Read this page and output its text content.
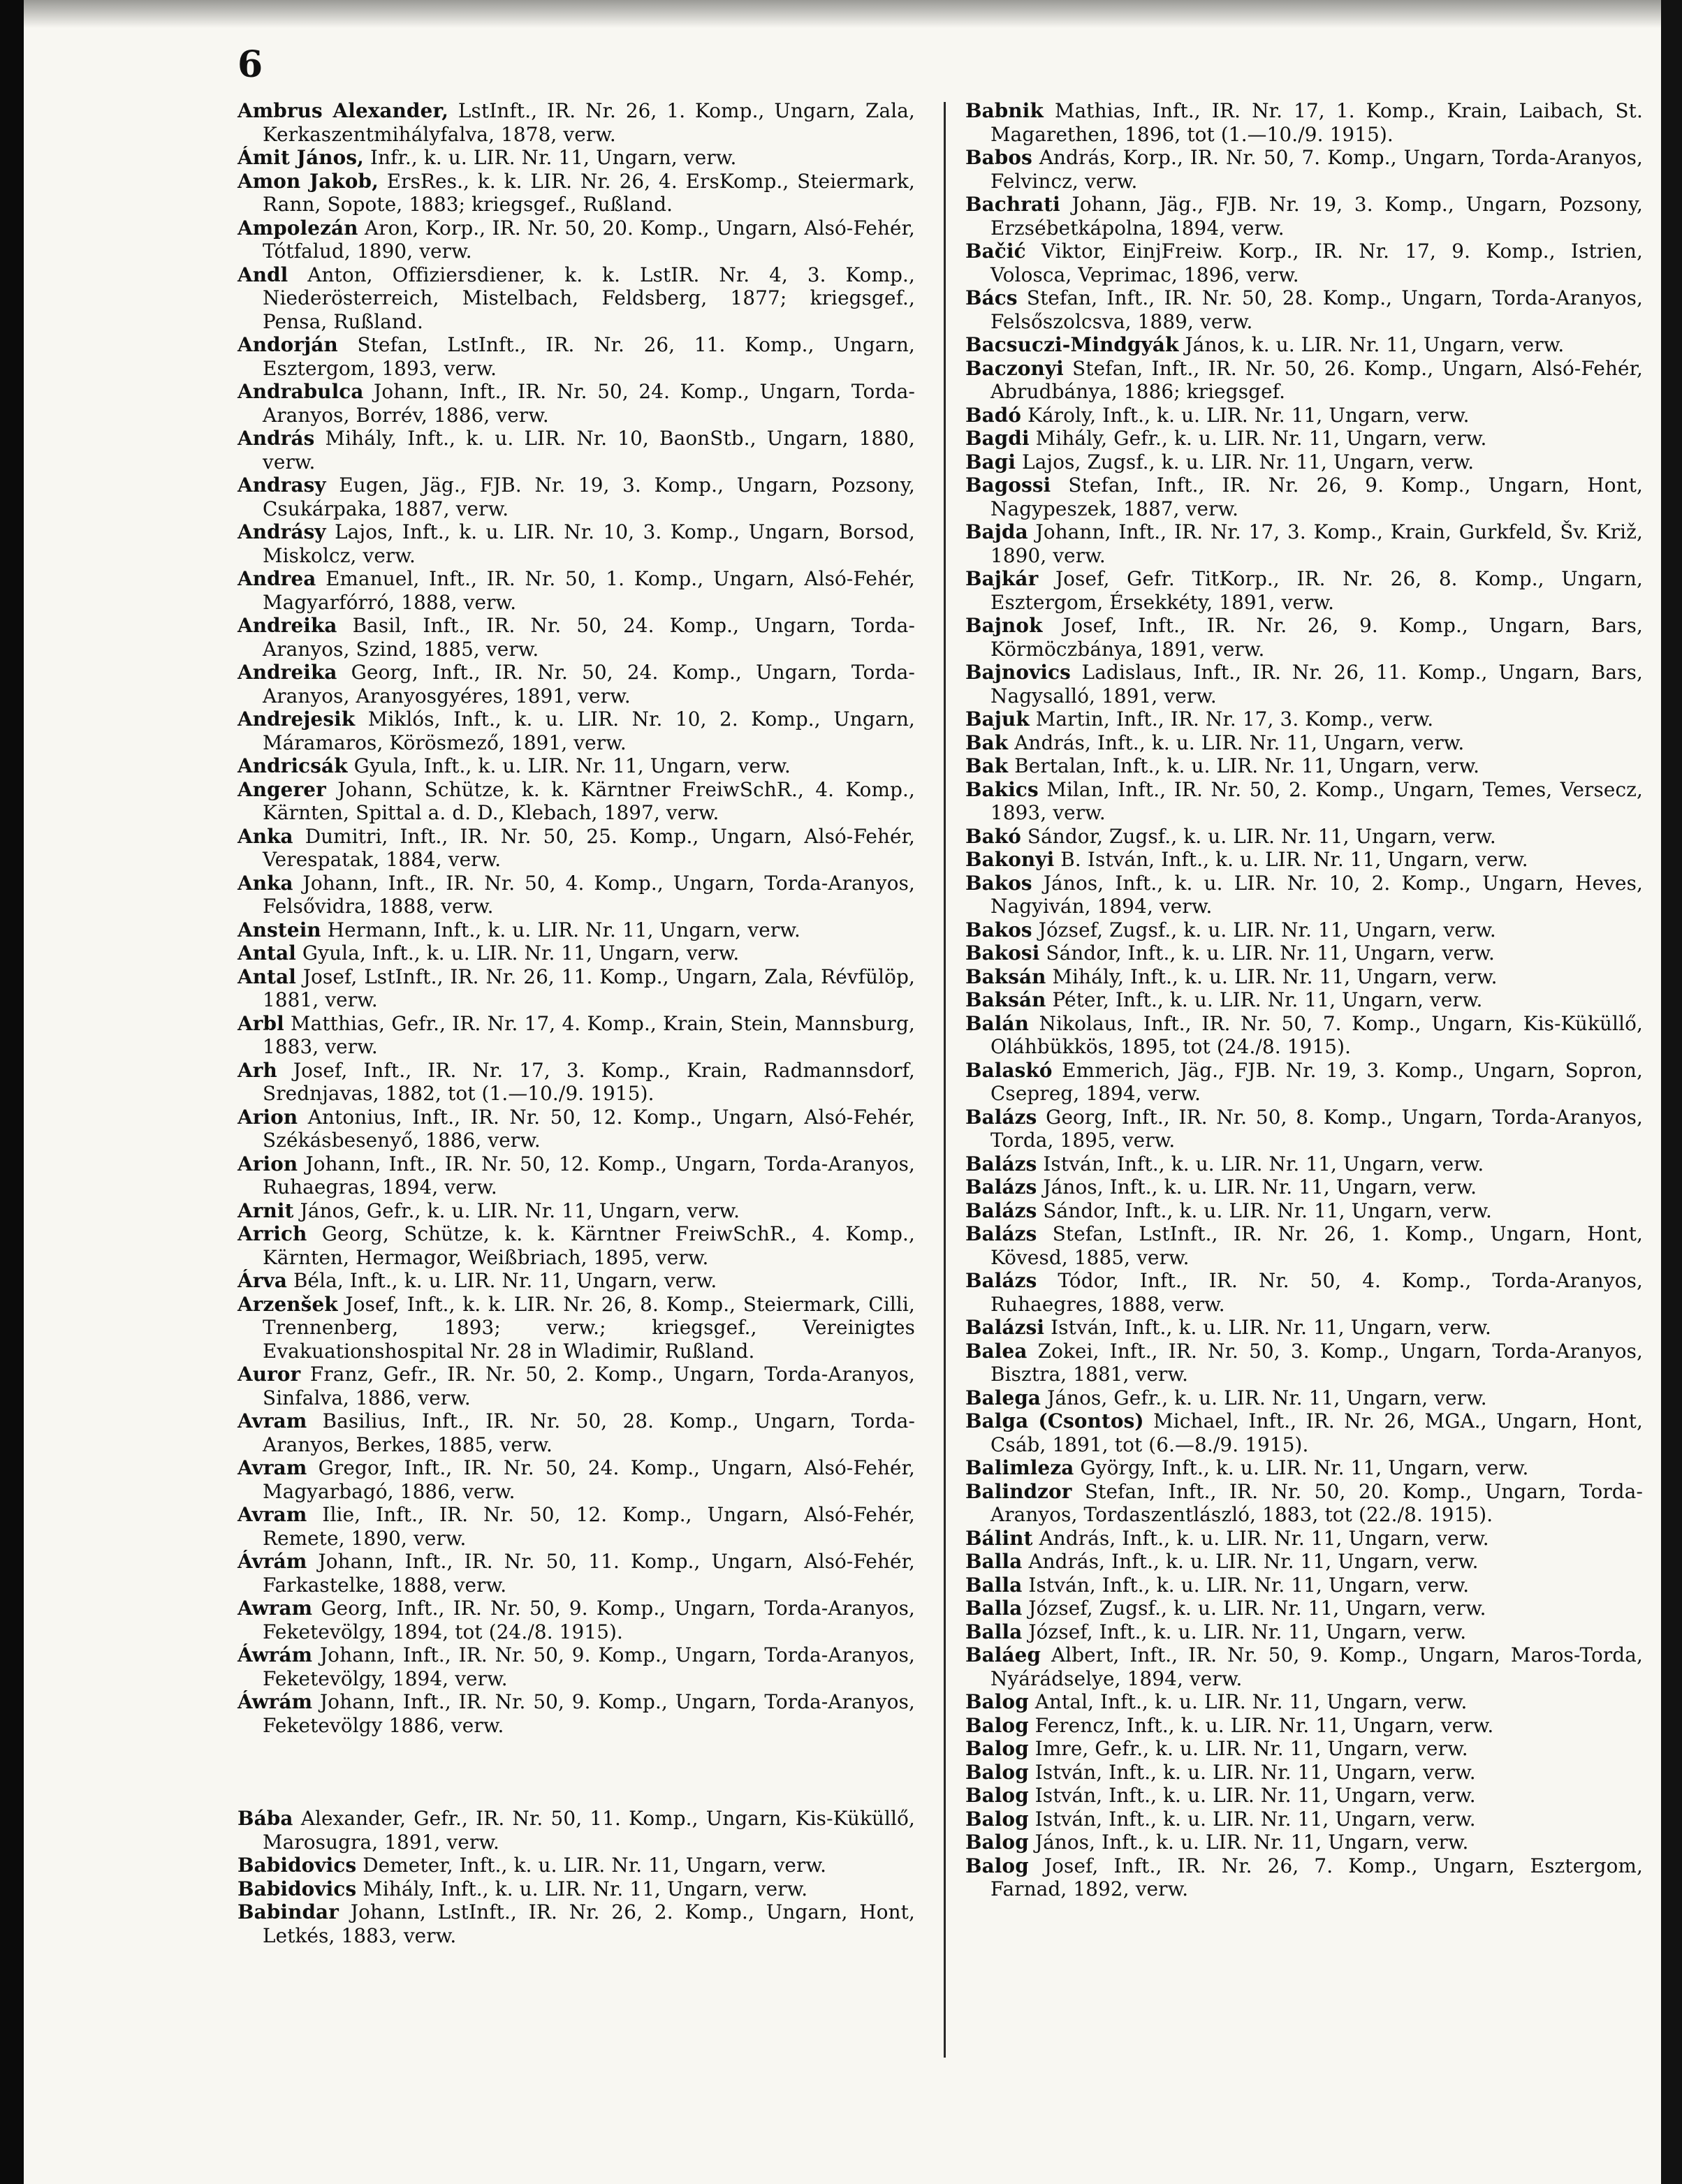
6

Ambrus Alexander, LstInft., IR. Nr. 26, 1. Komp., Ungarn, Zala, Kerkaszentmihályfalva, 1878, verw.

Ámit János, Infr., k. u. LIR. Nr. 11, Ungarn, verw.

Amon Jakob, ErsRes., k. k. LIR. Nr. 26, 4. ErsKomp., Steiermark, Rann, Sopote, 1883; kriegsgef., Rußland.

Ampolezán Aron, Korp., IR. Nr. 50, 20. Komp., Ungarn, Alsó-Fehér, Tótfalud, 1890, verw.

Andl Anton, Offiziersdiener, k. k. LstIR. Nr. 4, 3. Komp., Niederösterreich, Mistelbach, Feldsberg, 1877; kriegsgef., Pensa, Rußland.

Andorján Stefan, LstInft., IR. Nr. 26, 11. Komp., Ungarn, Esztergom, 1893, verw.

Andrabulca Johann, Inft., IR. Nr. 50, 24. Komp., Ungarn, Torda-Aranyos, Borrév, 1886, verw.

András Mihály, Inft., k. u. LIR. Nr. 10, BaonStb., Ungarn, 1880, verw.

Andrasy Eugen, Jäg., FJB. Nr. 19, 3. Komp., Ungarn, Pozsony, Csukárpaka, 1887, verw.

Andrásy Lajos, Inft., k. u. LIR. Nr. 10, 3. Komp., Ungarn, Borsod, Miskolcz, verw.

Andrea Emanuel, Inft., IR. Nr. 50, 1. Komp., Ungarn, Alsó-Fehér, Magyarfórró, 1888, verw.

Andreika Basil, Inft., IR. Nr. 50, 24. Komp., Ungarn, Torda-Aranyos, Szind, 1885, verw.

Andreika Georg, Inft., IR. Nr. 50, 24. Komp., Ungarn, Torda-Aranyos, Aranyosgyéres, 1891, verw.

Andrejesik Miklós, Inft., k. u. LIR. Nr. 10, 2. Komp., Ungarn, Máramaros, Körösmező, 1891, verw.

Andricsák Gyula, Inft., k. u. LIR. Nr. 11, Ungarn, verw.

Angerer Johann, Schütze, k. k. Kärntner FreiwSchR., 4. Komp., Kärnten, Spittal a. d. D., Klebach, 1897, verw.

Anka Dumitri, Inft., IR. Nr. 50, 25. Komp., Ungarn, Alsó-Fehér, Verespatak, 1884, verw.

Anka Johann, Inft., IR. Nr. 50, 4. Komp., Ungarn, Torda-Aranyos, Felsővidra, 1888, verw.

Anstein Hermann, Inft., k. u. LIR. Nr. 11, Ungarn, verw.

Antal Gyula, Inft., k. u. LIR. Nr. 11, Ungarn, verw.

Antal Josef, LstInft., IR. Nr. 26, 11. Komp., Ungarn, Zala, Révfülöp, 1881, verw.

Arbl Matthias, Gefr., IR. Nr. 17, 4. Komp., Krain, Stein, Mannsburg, 1883, verw.

Arh Josef, Inft., IR. Nr. 17, 3. Komp., Krain, Radmannsdorf, Srednjavas, 1882, tot (1.—10./9. 1915).

Arion Antonius, Inft., IR. Nr. 50, 12. Komp., Ungarn, Alsó-Fehér, Székásbesenyő, 1886, verw.

Arion Johann, Inft., IR. Nr. 50, 12. Komp., Ungarn, Torda-Aranyos, Ruhaegras, 1894, verw.

Arnit János, Gefr., k. u. LIR. Nr. 11, Ungarn, verw.

Arrich Georg, Schütze, k. k. Kärntner FreiwSchR., 4. Komp., Kärnten, Hermagor, Weißbriach, 1895, verw.

Árva Béla, Inft., k. u. LIR. Nr. 11, Ungarn, verw.

Arzenšek Josef, Inft., k. k. LIR. Nr. 26, 8. Komp., Steiermark, Cilli, Trennenberg, 1893; verw.; kriegsgef., Vereinigtes Evakuationshospital Nr. 28 in Wladimir, Rußland.

Auror Franz, Gefr., IR. Nr. 50, 2. Komp., Ungarn, Torda-Aranyos, Sinfalva, 1886, verw.

Avram Basilius, Inft., IR. Nr. 50, 28. Komp., Ungarn, Torda-Aranyos, Berkes, 1885, verw.

Avram Gregor, Inft., IR. Nr. 50, 24. Komp., Ungarn, Alsó-Fehér, Magyarbagó, 1886, verw.

Avram Ilie, Inft., IR. Nr. 50, 12. Komp., Ungarn, Alsó-Fehér, Remete, 1890, verw.

Ávrám Johann, Inft., IR. Nr. 50, 11. Komp., Ungarn, Alsó-Fehér, Farkastelke, 1888, verw.

Awram Georg, Inft., IR. Nr. 50, 9. Komp., Ungarn, Torda-Aranyos, Feketevölgy, 1894, tot (24./8. 1915).

Áwrám Johann, Inft., IR. Nr. 50, 9. Komp., Ungarn, Torda-Aranyos, Feketevölgy, 1894, verw.

Áwrám Johann, Inft., IR. Nr. 50, 9. Komp., Ungarn, Torda-Aranyos, Feketevölgy 1886, verw.

Bába Alexander, Gefr., IR. Nr. 50, 11. Komp., Ungarn, Kis-Küküllő, Marosugra, 1891, verw.

Babidovics Demeter, Inft., k. u. LIR. Nr. 11, Ungarn, verw.

Babidovics Mihály, Inft., k. u. LIR. Nr. 11, Ungarn, verw.

Babindar Johann, LstInft., IR. Nr. 26, 2. Komp., Ungarn, Hont, Letkés, 1883, verw.

Babnik Mathias, Inft., IR. Nr. 17, 1. Komp., Krain, Laibach, St. Magarethen, 1896, tot (1.—10./9. 1915).

Babos András, Korp., IR. Nr. 50, 7. Komp., Ungarn, Torda-Aranyos, Felvincz, verw.

Bachrati Johann, Jäg., FJB. Nr. 19, 3. Komp., Ungarn, Pozsony, Erzsébetkápolna, 1894, verw.

Bačić Viktor, EinjFreiw. Korp., IR. Nr. 17, 9. Komp., Istrien, Volosca, Veprimac, 1896, verw.

Bács Stefan, Inft., IR. Nr. 50, 28. Komp., Ungarn, Torda-Aranyos, Felsőszolcsva, 1889, verw.

Bacsuczi-Mindgyák János, k. u. LIR. Nr. 11, Ungarn, verw.

Baczonyi Stefan, Inft., IR. Nr. 50, 26. Komp., Ungarn, Alsó-Fehér, Abrudbánya, 1886; kriegsgef.

Badó Károly, Inft., k. u. LIR. Nr. 11, Ungarn, verw.

Bagdi Mihály, Gefr., k. u. LIR. Nr. 11, Ungarn, verw.

Bagi Lajos, Zugsf., k. u. LIR. Nr. 11, Ungarn, verw.

Bagossi Stefan, Inft., IR. Nr. 26, 9. Komp., Ungarn, Hont, Nagypeszek, 1887, verw.

Bajda Johann, Inft., IR. Nr. 17, 3. Komp., Krain, Gurkfeld, Šv. Križ, 1890, verw.

Bajkár Josef, Gefr. TitKorp., IR. Nr. 26, 8. Komp., Ungarn, Esztergom, Érsekkéty, 1891, verw.

Bajnok Josef, Inft., IR. Nr. 26, 9. Komp., Ungarn, Bars, Körmöczbánya, 1891, verw.

Bajnovics Ladislaus, Inft., IR. Nr. 26, 11. Komp., Ungarn, Bars, Nagysalló, 1891, verw.

Bajuk Martin, Inft., IR. Nr. 17, 3. Komp., verw.

Bak András, Inft., k. u. LIR. Nr. 11, Ungarn, verw.

Bak Bertalan, Inft., k. u. LIR. Nr. 11, Ungarn, verw.

Bakics Milan, Inft., IR. Nr. 50, 2. Komp., Ungarn, Temes, Versecz, 1893, verw.

Bakó Sándor, Zugsf., k. u. LIR. Nr. 11, Ungarn, verw.

Bakonyi B. István, Inft., k. u. LIR. Nr. 11, Ungarn, verw.

Bakos János, Inft., k. u. LIR. Nr. 10, 2. Komp., Ungarn, Heves, Nagyiván, 1894, verw.

Bakos József, Zugsf., k. u. LIR. Nr. 11, Ungarn, verw.

Bakosi Sándor, Inft., k. u. LIR. Nr. 11, Ungarn, verw.

Baksán Mihály, Inft., k. u. LIR. Nr. 11, Ungarn, verw.

Baksán Péter, Inft., k. u. LIR. Nr. 11, Ungarn, verw.

Balán Nikolaus, Inft., IR. Nr. 50, 7. Komp., Ungarn, Kis-Küküllő, Oláhbükkös, 1895, tot (24./8. 1915).

Balaskó Emmerich, Jäg., FJB. Nr. 19, 3. Komp., Ungarn, Sopron, Csepreg, 1894, verw.

Balázs Georg, Inft., IR. Nr. 50, 8. Komp., Ungarn, Torda-Aranyos, Torda, 1895, verw.

Balázs István, Inft., k. u. LIR. Nr. 11, Ungarn, verw.

Balázs János, Inft., k. u. LIR. Nr. 11, Ungarn, verw.

Balázs Sándor, Inft., k. u. LIR. Nr. 11, Ungarn, verw.

Balázs Stefan, LstInft., IR. Nr. 26, 1. Komp., Ungarn, Hont, Kövesd, 1885, verw.

Balázs Tódor, Inft., IR. Nr. 50, 4. Komp., Torda-Aranyos, Ruhaegres, 1888, verw.

Balázsi István, Inft., k. u. LIR. Nr. 11, Ungarn, verw.

Balea Zokei, Inft., IR. Nr. 50, 3. Komp., Ungarn, Torda-Aranyos, Bisztra, 1881, verw.

Balega János, Gefr., k. u. LIR. Nr. 11, Ungarn, verw.

Balga (Csontos) Michael, Inft., IR. Nr. 26, MGA., Ungarn, Hont, Csáb, 1891, tot (6.—8./9. 1915).

Balimleza György, Inft., k. u. LIR. Nr. 11, Ungarn, verw.

Balindzor Stefan, Inft., IR. Nr. 50, 20. Komp., Ungarn, Torda-Aranyos, Tordaszentlászló, 1883, tot (22./8. 1915).

Bálint András, Inft., k. u. LIR. Nr. 11, Ungarn, verw.

Balla András, Inft., k. u. LIR. Nr. 11, Ungarn, verw.

Balla István, Inft., k. u. LIR. Nr. 11, Ungarn, verw.

Balla József, Zugsf., k. u. LIR. Nr. 11, Ungarn, verw.

Balla József, Inft., k. u. LIR. Nr. 11, Ungarn, verw.

Baláeg Albert, Inft., IR. Nr. 50, 9. Komp., Ungarn, Maros-Torda, Nyárádselye, 1894, verw.

Balog Antal, Inft., k. u. LIR. Nr. 11, Ungarn, verw.

Balog Ferencz, Inft., k. u. LIR. Nr. 11, Ungarn, verw.

Balog Imre, Gefr., k. u. LIR. Nr. 11, Ungarn, verw.

Balog István, Inft., k. u. LIR. Nr. 11, Ungarn, verw.

Balog István, Inft., k. u. LIR. Nr. 11, Ungarn, verw.

Balog István, Inft., k. u. LIR. Nr. 11, Ungarn, verw.

Balog János, Inft., k. u. LIR. Nr. 11, Ungarn, verw.

Balog Josef, Inft., IR. Nr. 26, 7. Komp., Ungarn, Esztergom, Farnad, 1892, verw.
